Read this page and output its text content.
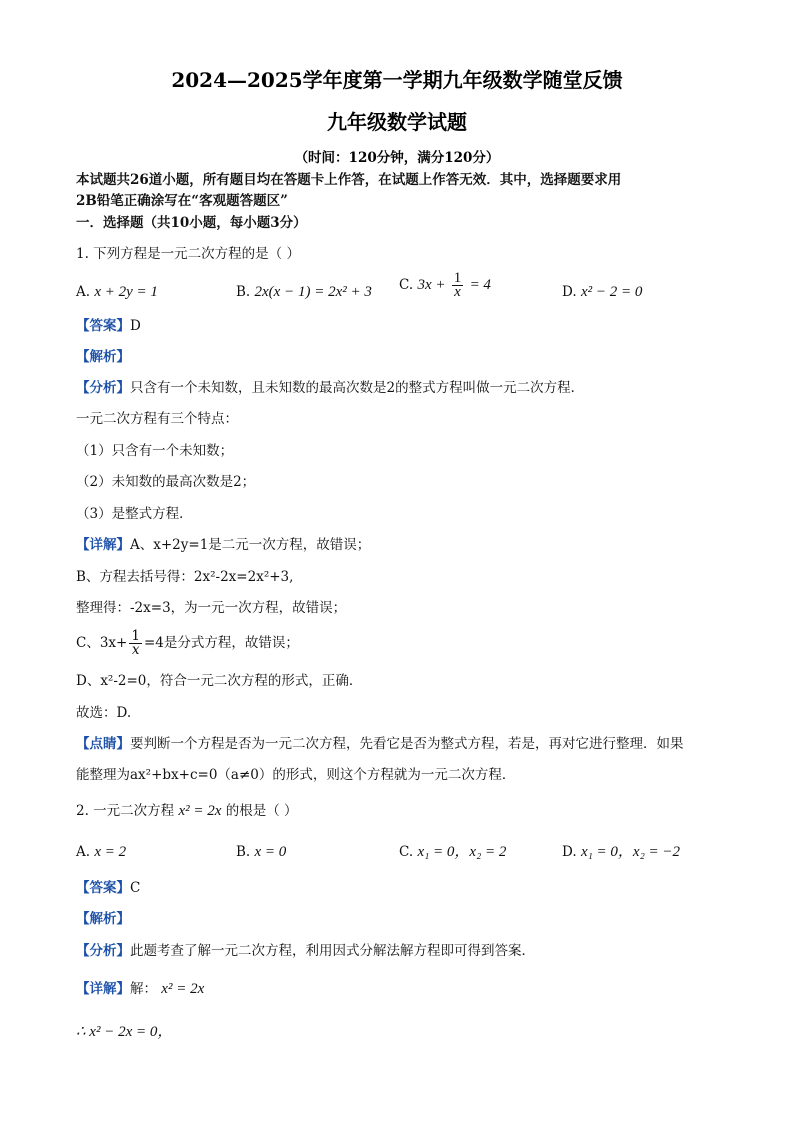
2024—2025学年度第一学期九年级数学随堂反馈
九年级数学试题
（时间：120分钟，满分120分）
本试题共26道小题，所有题目均在答题卡上作答，在试题上作答无效．其中，选择题要求用
2B铅笔正确涂写在“客观题答题区”
一．选择题（共10小题，每小题3分）
1. 下列方程是一元二次方程的是（ ）
A. x + 2y = 1	B. 2x(x − 1) = 2x² + 3 C. $3x + \frac{1}{x} = 4$	D. x² − 2 = 0
【答案】D
【解析】
【分析】只含有一个未知数，且未知数的最高次数是2的整式方程叫做一元二次方程．
一元二次方程有三个特点：
（1）只含有一个未知数；
（2）未知数的最高次数是2；
（3）是整式方程．
【详解】A、x+2y=1是二元一次方程，故错误；
B、方程去括号得：2x²-2x=2x²+3,
整理得：-2x=3，为一元一次方程，故错误；
C、$3x+ \frac{1}{x} =4$是分式方程，故错误；
D、x²-2=0，符合一元二次方程的形式，正确．
故选：D.
【点睛】要判断一个方程是否为一元二次方程，先看它是否为整式方程，若是，再对它进行整理．如果
能整理为ax²+bx+c=0（a≠0）的形式，则这个方程就为一元二次方程．
2. 一元二次方程 x² = 2x 的根是（ ）
A. x = 2	B. x = 0	C. x₁ = 0，x₂ = 2	D. x₁ = 0，x₂ = −2
【答案】C
【解析】
【分析】此题考查了解一元二次方程，利用因式分解法解方程即可得到答案．
【详解】解： x² = 2x
∴ x² − 2x = 0，
